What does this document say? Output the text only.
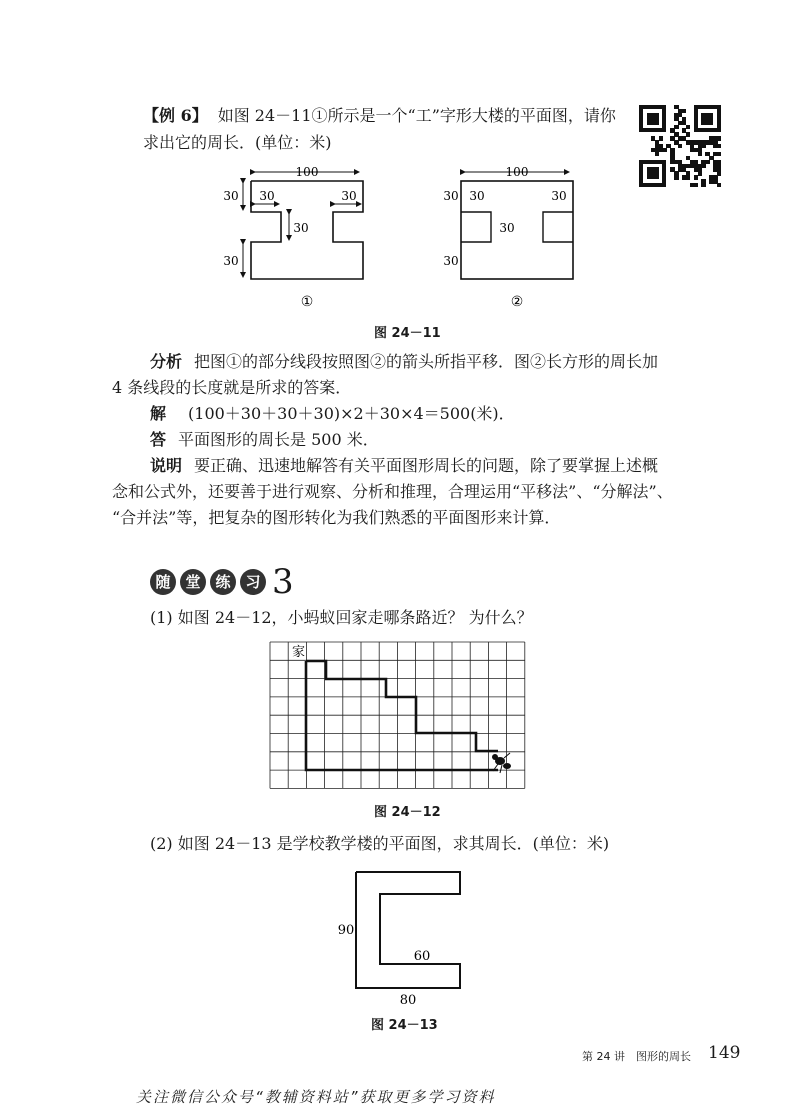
【例 6】 如图 24－11①所示是一个“工”字形大楼的平面图，请你
求出它的周长．(单位：米)
100
30 30	30
30
30
①
100
30 30	30
30
30
②
图 24－11
分析 把图①的部分线段按照图②的箭头所指平移．图②长方形的周长加
4 条线段的长度就是所求的答案．
解 (100＋30＋30＋30)×2＋30×4＝500(米)．
答 平面图形的周长是 500 米．
说明 要正确、迅速地解答有关平面图形周长的问题，除了要掌握上述概
念和公式外，还要善于进行观察、分析和推理，合理运用“平移法”、“分解法”、
“合并法”等，把复杂的图形转化为我们熟悉的平面图形来计算．
随 堂 练 习 3
(1) 如图 24－12，小蚂蚁回家走哪条路近？ 为什么？
家
图 24－12
(2) 如图 24－13 是学校教学楼的平面图，求其周长．(单位：米)
90
60
80
图 24－13
第 24 讲　图形的周长 149
关注微信公众号“教辅资料站”获取更多学习资料
